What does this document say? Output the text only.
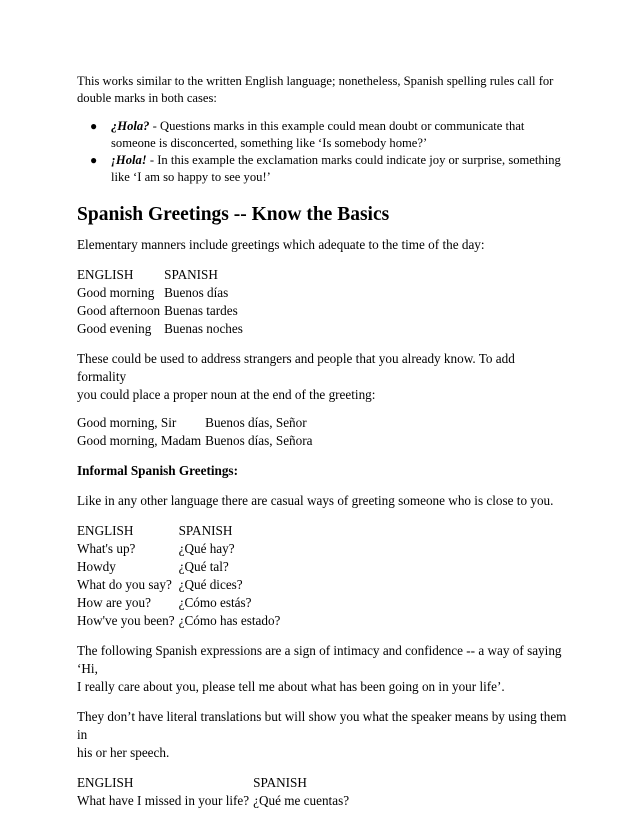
This works similar to the written English language; nonetheless, Spanish spelling rules call for
double marks in both cases:

● ¿Hola? - Questions marks in this example could mean doubt or communicate that
someone is disconcerted, something like ‘Is somebody home?’
● ¡Hola! - In this example the exclamation marks could indicate joy or surprise, something
like ‘I am so happy to see you!’
Spanish Greetings -- Know the Basics

Elementary manners include greetings which adequate to the time of the day:

ENGLISH	SPANISH
Good morning	Buenos días
Good afternoon	Buenas tardes
Good evening	Buenas noches

These could be used to address strangers and people that you already know. To add formality
you could place a proper noun at the end of the greeting:

Good morning, Sir	Buenos días, Señor
Good morning, Madam	Buenos días, Señora

Informal Spanish Greetings:

Like in any other language there are casual ways of greeting someone who is close to you.

ENGLISH	SPANISH
What's up?	¿Qué hay?
Howdy	¿Qué tal?
What do you say?	¿Qué dices?
How are you?	¿Cómo estás?
How've you been?	¿Cómo has estado?

The following Spanish expressions are a sign of intimacy and confidence -- a way of saying ‘Hi,
I really care about you, please tell me about what has been going on in your life’.

They don’t have literal translations but will show you what the speaker means by using them in
his or her speech.

ENGLISH	SPANISH
What have I missed in your life?	¿Qué me cuentas?
